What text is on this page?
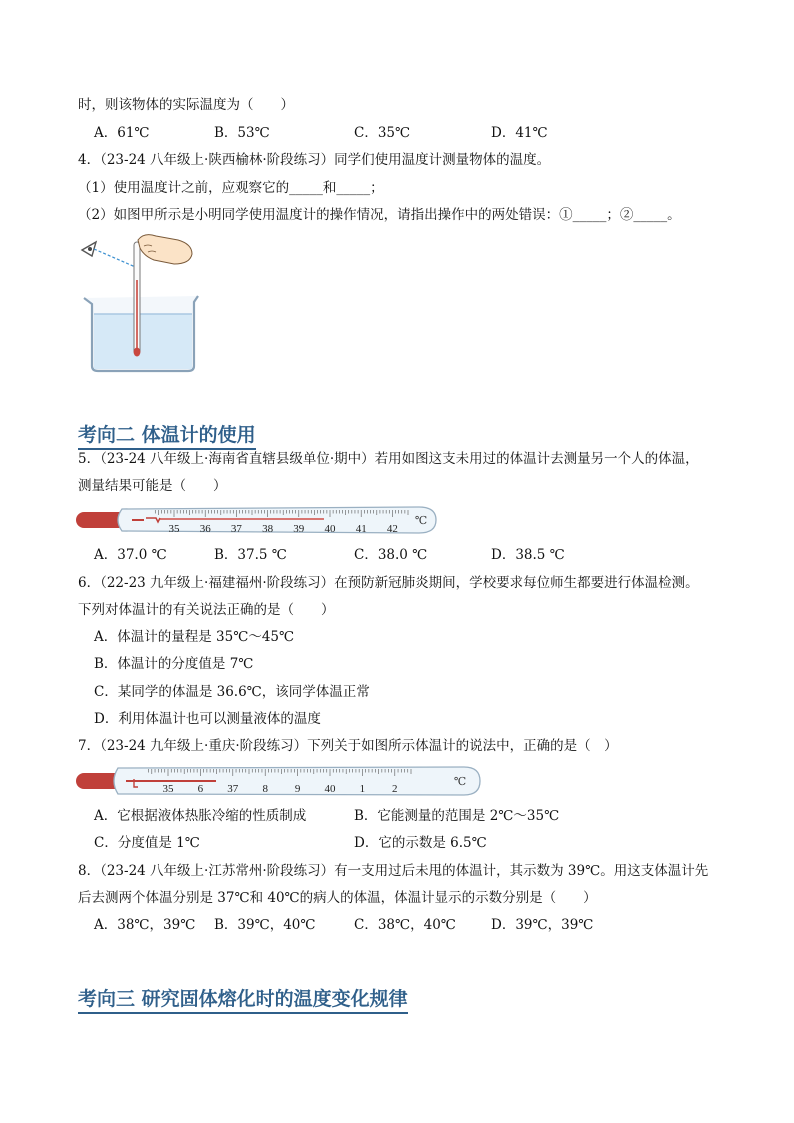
时，则该物体的实际温度为（　　）
A．61℃	B．53℃	C．35℃	D．41℃
4．（23-24 八年级上·陕西榆林·阶段练习）同学们使用温度计测量物体的温度。
（1）使用温度计之前，应观察它的_____和_____；
（2）如图甲所示是小明同学使用温度计的操作情况，请指出操作中的两处错误：①_____；②_____。
考向二 体温计的使用
5．（23-24 八年级上·海南省直辖县级单位·期中）若用如图这支未用过的体温计去测量另一个人的体温，
测量结果可能是（　　）
35 36 37 38 39 40 41 42
℃
A．37.0 ℃	B．37.5 ℃	C．38.0 ℃	D．38.5 ℃
6．（22-23 九年级上·福建福州·阶段练习）在预防新冠肺炎期间，学校要求每位师生都要进行体温检测。
下列对体温计的有关说法正确的是（　　）
A．体温计的量程是 35℃～45℃
B．体温计的分度值是 7℃
C．某同学的体温是 36.6℃，该同学体温正常
D．利用体温计也可以测量液体的温度
7．（23-24 九年级上·重庆·阶段练习）下列关于如图所示体温计的说法中，正确的是（　）
35 6 37 8 9 40 1 2
℃
A．它根据液体热胀冷缩的性质制成	B．它能测量的范围是 2℃～35℃
C．分度值是 1℃	D．它的示数是 6.5℃
8．（23-24 八年级上·江苏常州·阶段练习）有一支用过后未甩的体温计，其示数为 39℃。用这支体温计先
后去测两个体温分别是 37℃和 40℃的病人的体温，体温计显示的示数分别是（　　）
A．38℃，39℃ B．39℃，40℃	C．38℃，40℃	D．39℃，39℃
考向三 研究固体熔化时的温度变化规律
